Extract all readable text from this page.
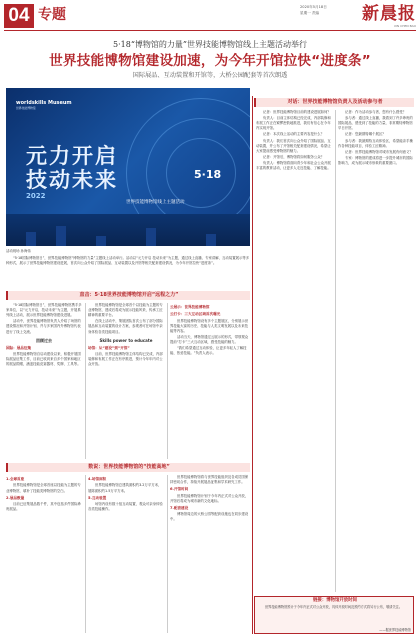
04 专题	2020年5月18日
星期一 责编	新晨报
XIN CHEN BAO
5·18“博物馆的力量”世界技能博物馆线上主题活动举行
世界技能博物馆建设加速，为今年开馆拉快“进度条”
国际展品、互动装置和开馆等，大桥公园配套等首次朗透
worldskills Museum
世界技能博物馆
元力开启
技动未来
2022
5·18
世界技能博物馆线上主题活动
活动现场 孙海伟
“5·18国际博物馆日”，世界技能博物馆“博物馆的力量”主题线上活动举行。活动以“元力开启 技动未来”为主题，通过线上直播、专家讲解、互动装置展示等多种形式，展示了世界技能博物馆建设进展，首次向公众介绍了国际展品、互动装置以及开馆等相关配套建设情况，为今年开馆拉快“进度条”。
直击：5·18世界技能博物馆开启“远程之力”

“5·18国际博物馆日”，世界技能博物馆携手多家单位，以“元力开启，技动未来”为主题，开展系列线上活动，展示世界技能博物馆建设进展。

活动中，世界技能博物馆负责人介绍了场馆的建设情况和开馆计划，并与多家国内外博物馆代表进行了线上交流。

回顾过去
国际：展品征集

世界技能博物馆自启动建设以来，积极开展国际展品征集工作，目前已收到来自多个国家和地区的展品捐赠，涵盖技能竞赛器材、奖牌、工具等。

世界技能博物馆是全球首个以技能为主题的专业博物馆，建成后将成为展示技能风采、传承工匠精神的重要平台。

在线上活动中，策展团队首次公布了部分国际展品和互动装置的设计方案，参观者可在场馆中亲身体验各类技能项目。

Skills power to educate
场馆：从“建设”到“开馆”

目前，世界技能博物馆主体结构已完成，内部装修和布展工作正在有序推进，预计今年年内对公众开放。

云展示：世界技能博物馆
云打卡：三大互动区域首次曝光

世界技能博物馆设有多个主题展区，分别展示世界技能大赛的历史、技能与人类文明发展以及未来技能等内容。

活动当天，博物馆通过云展示的形式，带领观众提前“打卡”三大互动区域，感受技能的魅力。

“我们希望通过互动体验，让更多年轻人了解技能、热爱技能。”负责人表示。

数说：世界技能博物馆的“技能高地”
1.全球首座

世界技能博物馆是全球首座以技能为主题的专业博物馆，填补了技能类博物馆的空白。

2.展品数量

目前已征集展品数千件，其中包括多件国际珍贵展品。

4.场馆面积

世界技能博物馆总建筑面积约3.2万平方米，展陈面积约1.5万平方米。

5.互动装置

场馆内设有数十组互动装置，观众可亲身体验各类技能操作。

世界技能博物馆将与世界技能组织及各成员国保持密切合作，持续开展展品征集和学术研究工作。

6.开馆时间

世界技能博物馆计划于今年内正式对公众开放，开馆后将成为城市新的文化地标。

7.配套建设

博物馆周边的大桥公园等配套设施也在同步建设中。

对话：世界技能博物馆负责人及活动参与者

记者：世界技能博物馆目前的建设进展如何？

负责人：目前主体结构已经完成，内部装修和布展工作正在紧锣密鼓地推进，我们有信心在今年内实现开馆。

记者：本次线上活动的主要内容是什么？

负责人：我们首次向公众介绍了国际展品、互动装置，并公布了开馆相关配套建设情况，希望让大家提前感受博物馆的魅力。

记者：开馆后，博物馆将如何服务公众？

负责人：博物馆将面向青少年和社会公众开展丰富的教育活动，让更多人走近技能、了解技能。

记者：作为活动参与者，您有什么感受？

参与者：通过线上直播，我看到了许多珍贵的国际展品，感受到了技能的力量，非常期待博物馆早日开馆。

记者：您最期待哪个展区？

参与者：我最期待互动体验区，希望能亲手操作各种技能项目，体验工匠精神。

记者：世界技能博物馆对城市发展有何意义？

专家：博物馆的建成将进一步提升城市的国际影响力，成为展示城市形象的重要窗口。

链接：博物馆开放时间
世界技能博物馆预计于今年内正式对公众开放，具体开放时间及预约方式将另行公布，敬请关注。
——据世界技能博物馆
